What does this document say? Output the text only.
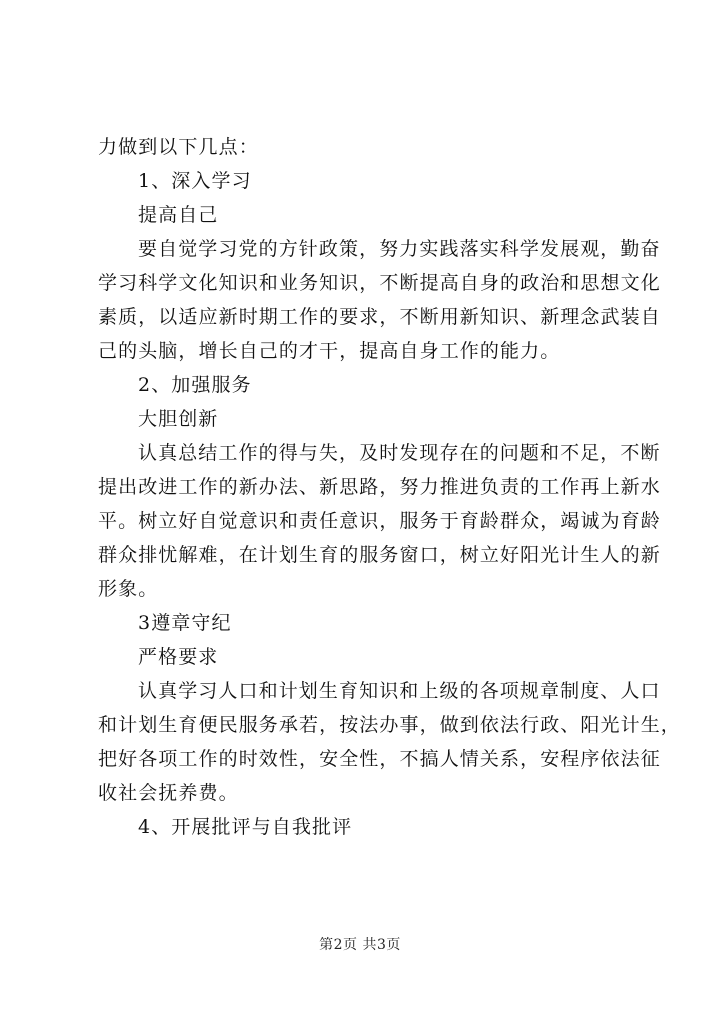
力做到以下几点：
1、深入学习
提高自己
要自觉学习党的方针政策，努力实践落实科学发展观，勤奋
学习科学文化知识和业务知识，不断提高自身的政治和思想文化
素质，以适应新时期工作的要求，不断用新知识、新理念武装自
己的头脑，增长自己的才干，提高自身工作的能力。
2、加强服务
大胆创新
认真总结工作的得与失，及时发现存在的问题和不足，不断
提出改进工作的新办法、新思路，努力推进负责的工作再上新水
平。树立好自觉意识和责任意识，服务于育龄群众，竭诚为育龄
群众排忧解难，在计划生育的服务窗口，树立好阳光计生人的新
形象。
3遵章守纪
严格要求
认真学习人口和计划生育知识和上级的各项规章制度、人口
和计划生育便民服务承若，按法办事，做到依法行政、阳光计生，
把好各项工作的时效性，安全性，不搞人情关系，安程序依法征
收社会抚养费。
4、开展批评与自我批评
第2页 共3页
